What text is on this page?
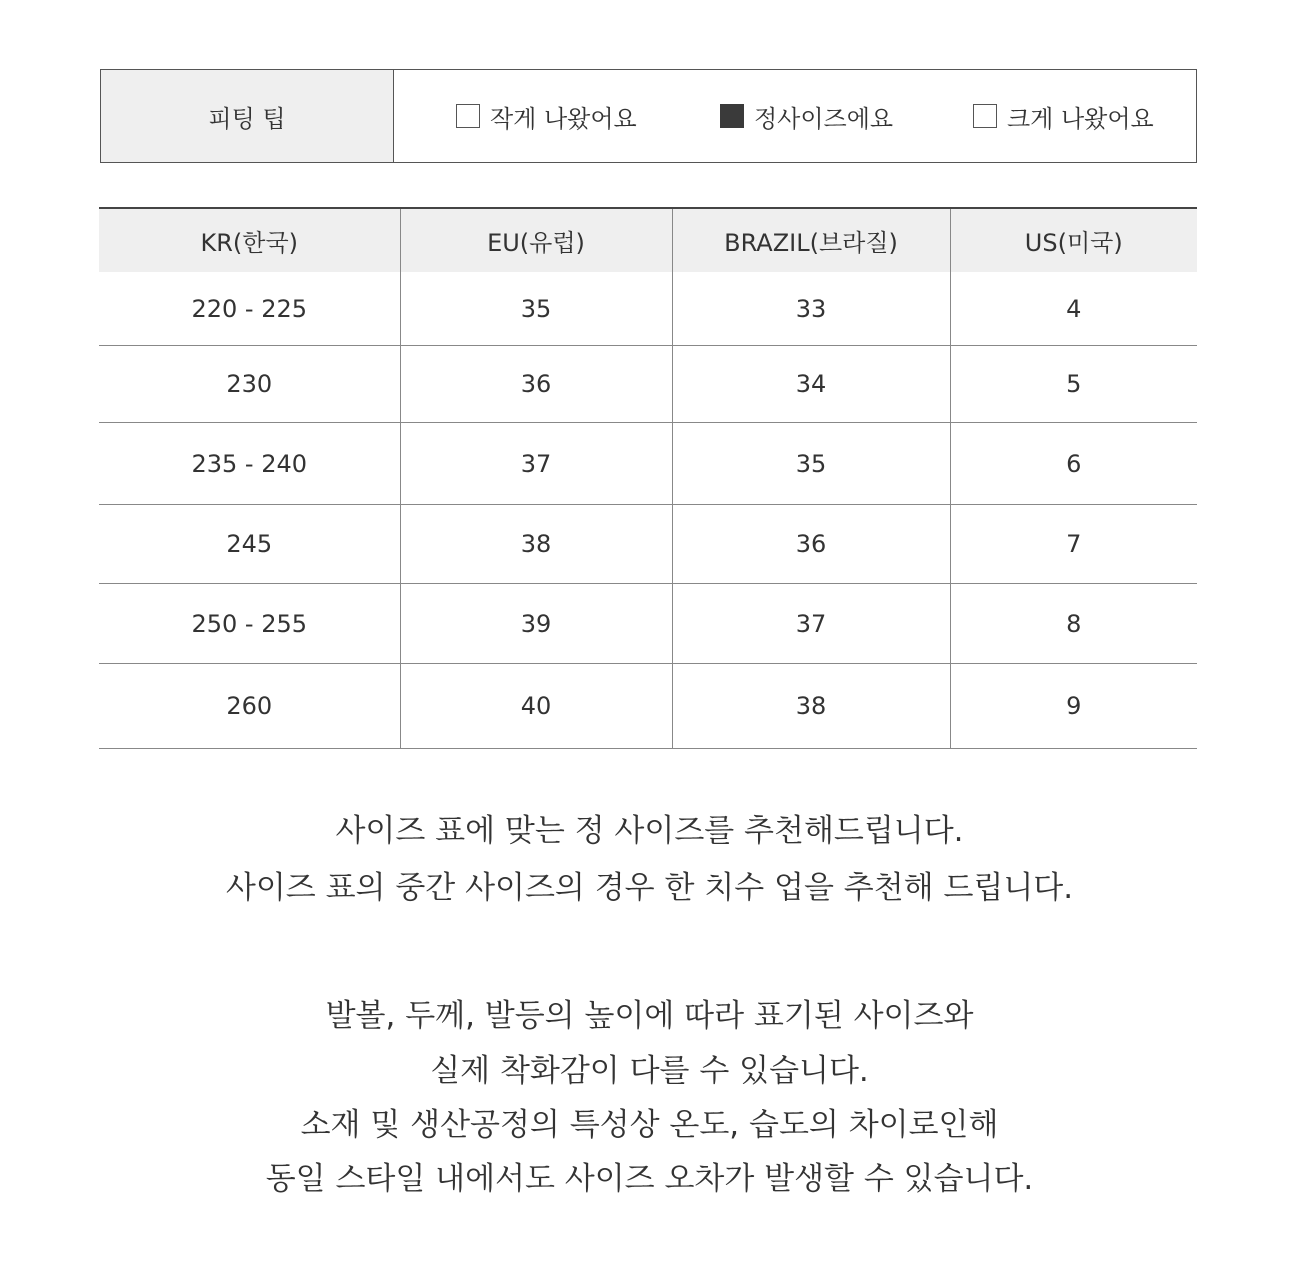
피팅 팁	작게 나왔어요	정사이즈에요	크게 나왔어요
KR(한국)	EU(유럽)	BRAZIL(브라질)	US(미국)
220 - 225	35	33	4
230	36	34	5
235 - 240	37	35	6
245	38	36	7
250 - 255	39	37	8
260	40	38	9
사이즈 표에 맞는 정 사이즈를 추천해드립니다.
사이즈 표의 중간 사이즈의 경우 한 치수 업을 추천해 드립니다.
발볼, 두께, 발등의 높이에 따라 표기된 사이즈와
실제 착화감이 다를 수 있습니다.
소재 및 생산공정의 특성상 온도, 습도의 차이로인해
동일 스타일 내에서도 사이즈 오차가 발생할 수 있습니다.
